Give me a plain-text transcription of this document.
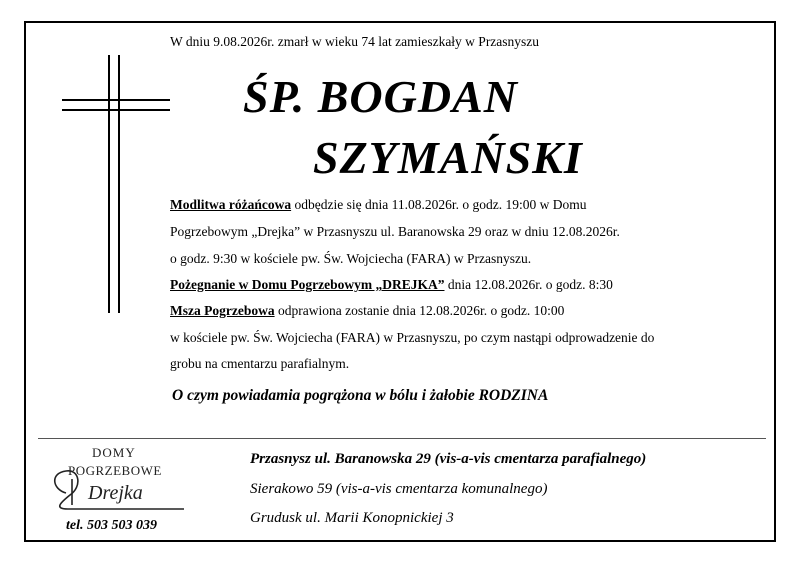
W dniu 9.08.2026r. zmarł w wieku 74 lat zamieszkały w Przasnyszu
ŚP. BOGDAN
SZYMAŃSKI
Modlitwa różańcowa odbędzie się dnia 11.08.2026r. o godz. 19:00 w Domu
Pogrzebowym „Drejka” w Przasnyszu ul. Baranowska 29 oraz w dniu 12.08.2026r.
o godz. 9:30 w kościele pw. Św. Wojciecha (FARA) w Przasnyszu.
Pożegnanie w Domu Pogrzebowym „DREJKA” dnia 12.08.2026r. o godz. 8:30
Msza Pogrzebowa odprawiona zostanie dnia 12.08.2026r. o godz. 10:00
w kościele pw. Św. Wojciecha (FARA) w Przasnyszu, po czym nastąpi odprowadzenie do
grobu na cmentarzu parafialnym.
O czym powiadamia pogrążona w bólu i żałobie RODZINA
DOMY
POGRZEBOWE
Drejka
tel. 503 503 039
Przasnysz ul. Baranowska 29 (vis-a-vis cmentarza parafialnego)
Sierakowo 59 (vis-a-vis cmentarza komunalnego)
Grudusk ul. Marii Konopnickiej 3
